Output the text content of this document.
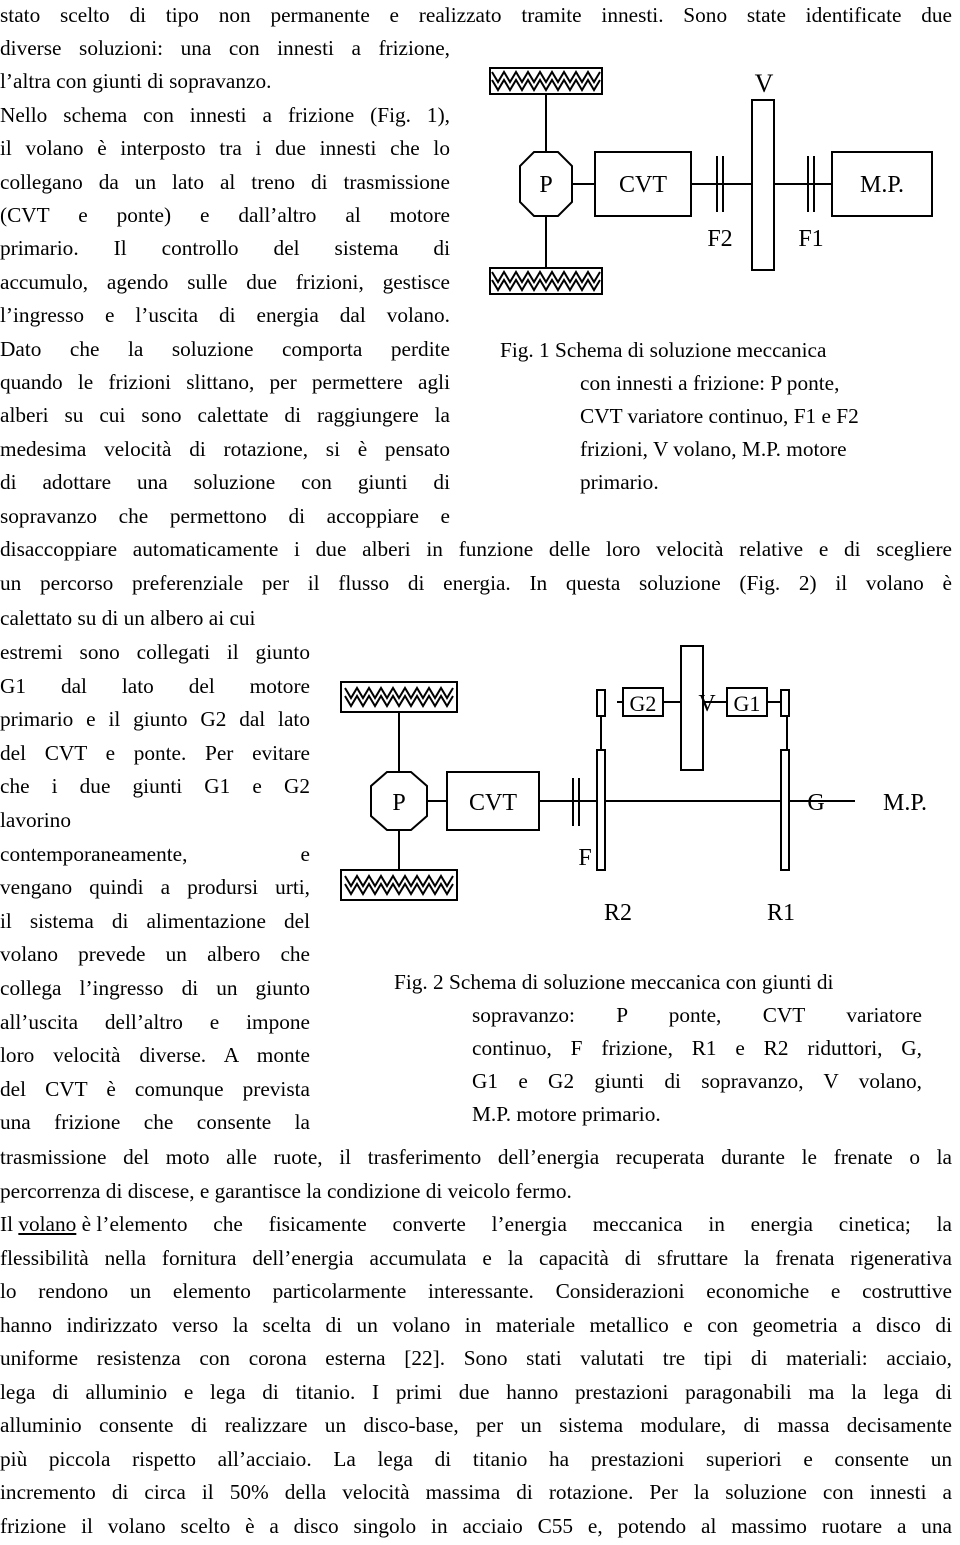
stato scelto di tipo non permanente e realizzato tramite innesti. Sono state identificate due
diverse soluzioni: una con innesti a frizione,
l’altra con giunti di sopravanzo.
Nello schema con innesti a frizione (Fig. 1),
il volano è interposto tra i due innesti che lo
collegano da un lato al treno di trasmissione
(CVT e ponte) e dall’altro al motore
primario. Il controllo del sistema di
accumulo, agendo sulle due frizioni, gestisce
l’ingresso e l’uscita di energia dal volano.
Dato che la soluzione comporta perdite
quando le frizioni slittano, per permettere agli
alberi su cui sono calettate di raggiungere la
medesima velocità di rotazione, si è pensato
di adottare una soluzione con giunti di
sopravanzo che permettono di accoppiare e
disaccoppiare automaticamente i due alberi in funzione delle loro velocità relative e di scegliere
un percorso preferenziale per il flusso di energia. In questa soluzione (Fig. 2) il volano è
P	CVT
F2
V
F1
M.P.
Fig. 1 Schema di soluzione meccanica
con innesti a frizione: P ponte,
CVT variatore continuo, F1 e F2
frizioni, V volano, M.P. motore
primario.
calettato su di un albero ai cui
estremi sono collegati il giunto
G1 dal lato del motore
primario e il giunto G2 dal lato
del CVT e ponte. Per evitare
che i due giunti G1 e G2
lavorino
contemporaneamente, e
vengano quindi a prodursi urti,
il sistema di alimentazione del
volano prevede un albero che
collega l’ingresso di un giunto
all’uscita dell’altro e impone
loro velocità diverse. A monte
del CVT è comunque prevista
una frizione che consente la
P	CVT
F
R2	R1
G2 V G1
G M.P.
Fig. 2 Schema di soluzione meccanica con giunti di
sopravanzo: P ponte, CVT variatore
continuo, F frizione, R1 e R2 riduttori, G,
G1 e G2 giunti di sopravanzo, V volano,
M.P. motore primario.
trasmissione del moto alle ruote, il trasferimento dell’energia recuperata durante le frenate o la
percorrenza di discese, e garantisce la condizione di veicolo fermo.
Il volano è l’ elemento che fisicamente converte l’energia meccanica in energia cinetica; la
flessibilità nella fornitura dell’energia accumulata e la capacità di sfruttare la frenata rigenerativa
lo rendono un elemento particolarmente interessante. Considerazioni economiche e costruttive
hanno indirizzato verso la scelta di un volano in materiale metallico e con geometria a disco di
uniforme resistenza con corona esterna [22]. Sono stati valutati tre tipi di materiali: acciaio,
lega di alluminio e lega di titanio. I primi due hanno prestazioni paragonabili ma la lega di
alluminio consente di realizzare un disco-base, per un sistema modulare, di massa decisamente
più piccola rispetto all’acciaio. La lega di titanio ha prestazioni superiori e consente un
incremento di circa il 50% della velocità massima di rotazione. Per la soluzione con innesti a
frizione il volano scelto è a disco singolo in acciaio C55 e, potendo al massimo ruotare a una
